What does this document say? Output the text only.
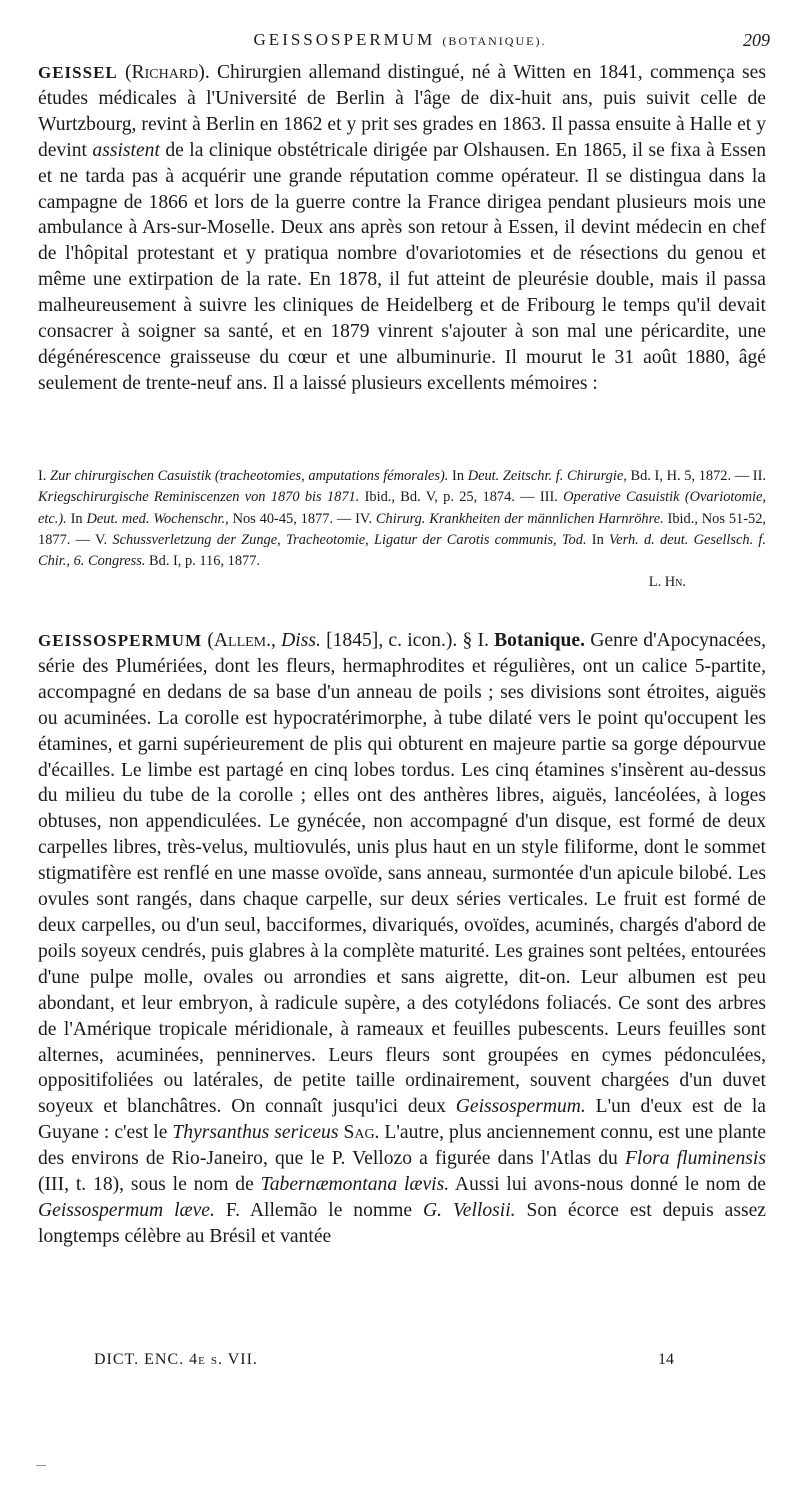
GEISSOSPERMUM (BOTANIQUE).	209
GEISSEL (Richard). Chirurgien allemand distingué, né à Witten en 1841, commença ses études médicales à l'Université de Berlin à l'âge de dix-huit ans, puis suivit celle de Wurtzbourg, revint à Berlin en 1862 et y prit ses grades en 1863. Il passa ensuite à Halle et y devint assistent de la clinique obstétricale dirigée par Olshausen. En 1865, il se fixa à Essen et ne tarda pas à acquérir une grande réputation comme opérateur. Il se distingua dans la campagne de 1866 et lors de la guerre contre la France dirigea pendant plusieurs mois une ambulance à Ars-sur-Moselle. Deux ans après son retour à Essen, il devint médecin en chef de l'hôpital protestant et y pratiqua nombre d'ovariotomies et de résections du genou et même une extirpation de la rate. En 1878, il fut atteint de pleurésie double, mais il passa malheureusement à suivre les cliniques de Heidelberg et de Fribourg le temps qu'il devait consacrer à soigner sa santé, et en 1879 vinrent s'ajouter à son mal une péricardite, une dégénérescence graisseuse du cœur et une albuminurie. Il mourut le 31 août 1880, âgé seulement de trente-neuf ans. Il a laissé plusieurs excellents mémoires :
I. Zur chirurgischen Casuistik (tracheotomies, amputations fémorales). In Deut. Zeitschr. f. Chirurgie, Bd. I, H. 5, 1872. — II. Kriegschirurgische Reminiscenzen von 1870 bis 1871. Ibid., Bd. V, p. 25, 1874. — III. Operative Casuistik (Ovariotomie, etc.). In Deut. med. Wochenschr., Nos 40-45, 1877. — IV. Chirurg. Krankheiten der männlichen Harnröhre. Ibid., Nos 51-52, 1877. — V. Schussverletzung der Zunge, Tracheotomie, Ligatur der Carotis communis, Tod. In Verh. d. deut. Gesellsch. f. Chir., 6. Congress. Bd. I, p. 116, 1877.
L. Hn.
GEISSOSPERMUM (Allem., Diss. [1845], c. icon.). § I. Botanique. Genre d'Apocynacées, série des Plumériées, dont les fleurs, hermaphrodites et régulières, ont un calice 5-partite, accompagné en dedans de sa base d'un anneau de poils ; ses divisions sont étroites, aiguës ou acuminées. La corolle est hypocratérimorphe, à tube dilaté vers le point qu'occupent les étamines, et garni supérieurement de plis qui obturent en majeure partie sa gorge dépourvue d'écailles. Le limbe est partagé en cinq lobes tordus. Les cinq étamines s'insèrent au-dessus du milieu du tube de la corolle ; elles ont des anthères libres, aiguës, lancéolées, à loges obtuses, non appendiculées. Le gynécée, non accompagné d'un disque, est formé de deux carpelles libres, très-velus, multiovulés, unis plus haut en un style filiforme, dont le sommet stigmatifère est renflé en une masse ovoïde, sans anneau, surmontée d'un apicule bilobé. Les ovules sont rangés, dans chaque carpelle, sur deux séries verticales. Le fruit est formé de deux carpelles, ou d'un seul, bacciformes, divariqués, ovoïdes, acuminés, chargés d'abord de poils soyeux cendrés, puis glabres à la complète maturité. Les graines sont peltées, entourées d'une pulpe molle, ovales ou arrondies et sans aigrette, dit-on. Leur albumen est peu abondant, et leur embryon, à radicule supère, a des cotylédons foliacés. Ce sont des arbres de l'Amérique tropicale méridionale, à rameaux et feuilles pubescents. Leurs feuilles sont alternes, acuminées, penninerves. Leurs fleurs sont groupées en cymes pédonculées, oppositifoliées ou latérales, de petite taille ordinairement, souvent chargées d'un duvet soyeux et blanchâtres. On connaît jusqu'ici deux Geissospermum. L'un d'eux est de la Guyane : c'est le Thyrsanthus sericeus Sag. L'autre, plus anciennement connu, est une plante des environs de Rio-Janeiro, que le P. Vellozo a figurée dans l'Atlas du Flora fluminensis (III, t. 18), sous le nom de Tabernæmontana lævis. Aussi lui avons-nous donné le nom de Geissospermum læve. F. Allemão le nomme G. Vellosii. Son écorce est depuis assez longtemps célèbre au Brésil et vantée
DICT. ENC. 4e s. VII.	14
